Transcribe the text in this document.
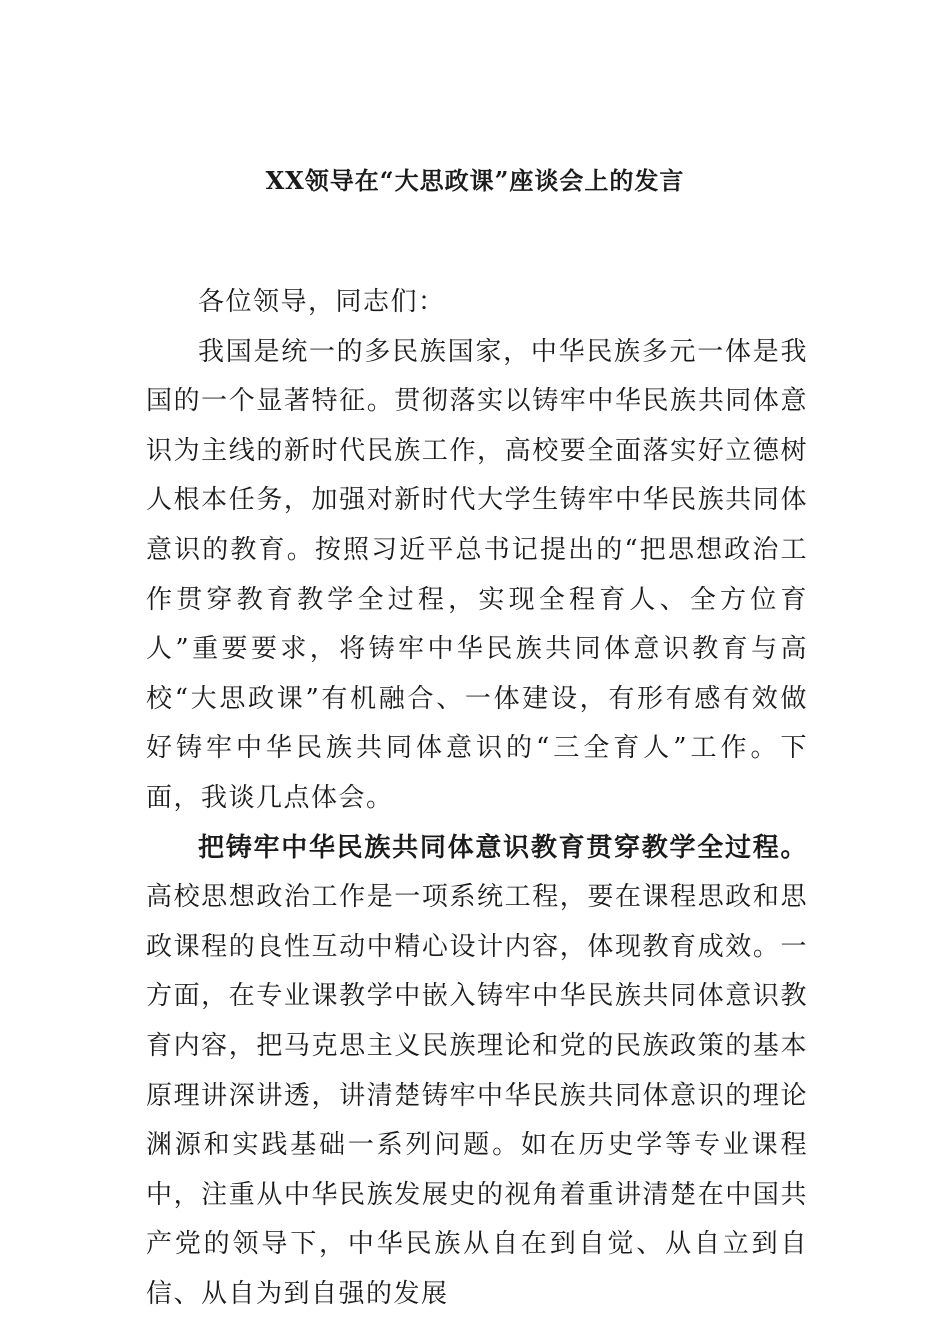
XX领导在“大思政课”座谈会上的发言

各位领导，同志们：

我国是统一的多民族国家，中华民族多元一体是我国的一个显著特征。贯彻落实以铸牢中华民族共同体意识为主线的新时代民族工作，高校要全面落实好立德树人根本任务，加强对新时代大学生铸牢中华民族共同体意识的教育。按照习近平总书记提出的“把思想政治工作贯穿教育教学全过程，实现全程育人、全方位育人”重要要求，将铸牢中华民族共同体意识教育与高校“大思政课”有机融合、一体建设，有形有感有效做好铸牢中华民族共同体意识的“三全育人”工作。下面，我谈几点体会。

把铸牢中华民族共同体意识教育贯穿教学全过程。高校思想政治工作是一项系统工程，要在课程思政和思政课程的良性互动中精心设计内容，体现教育成效。一方面，在专业课教学中嵌入铸牢中华民族共同体意识教育内容，把马克思主义民族理论和党的民族政策的基本原理讲深讲透，讲清楚铸牢中华民族共同体意识的理论渊源和实践基础一系列问题。如在历史学等专业课程中，注重从中华民族发展史的视角着重讲清楚在中国共产党的领导下，中华民族从自在到自觉、从自立到自信、从自为到自强的发展
